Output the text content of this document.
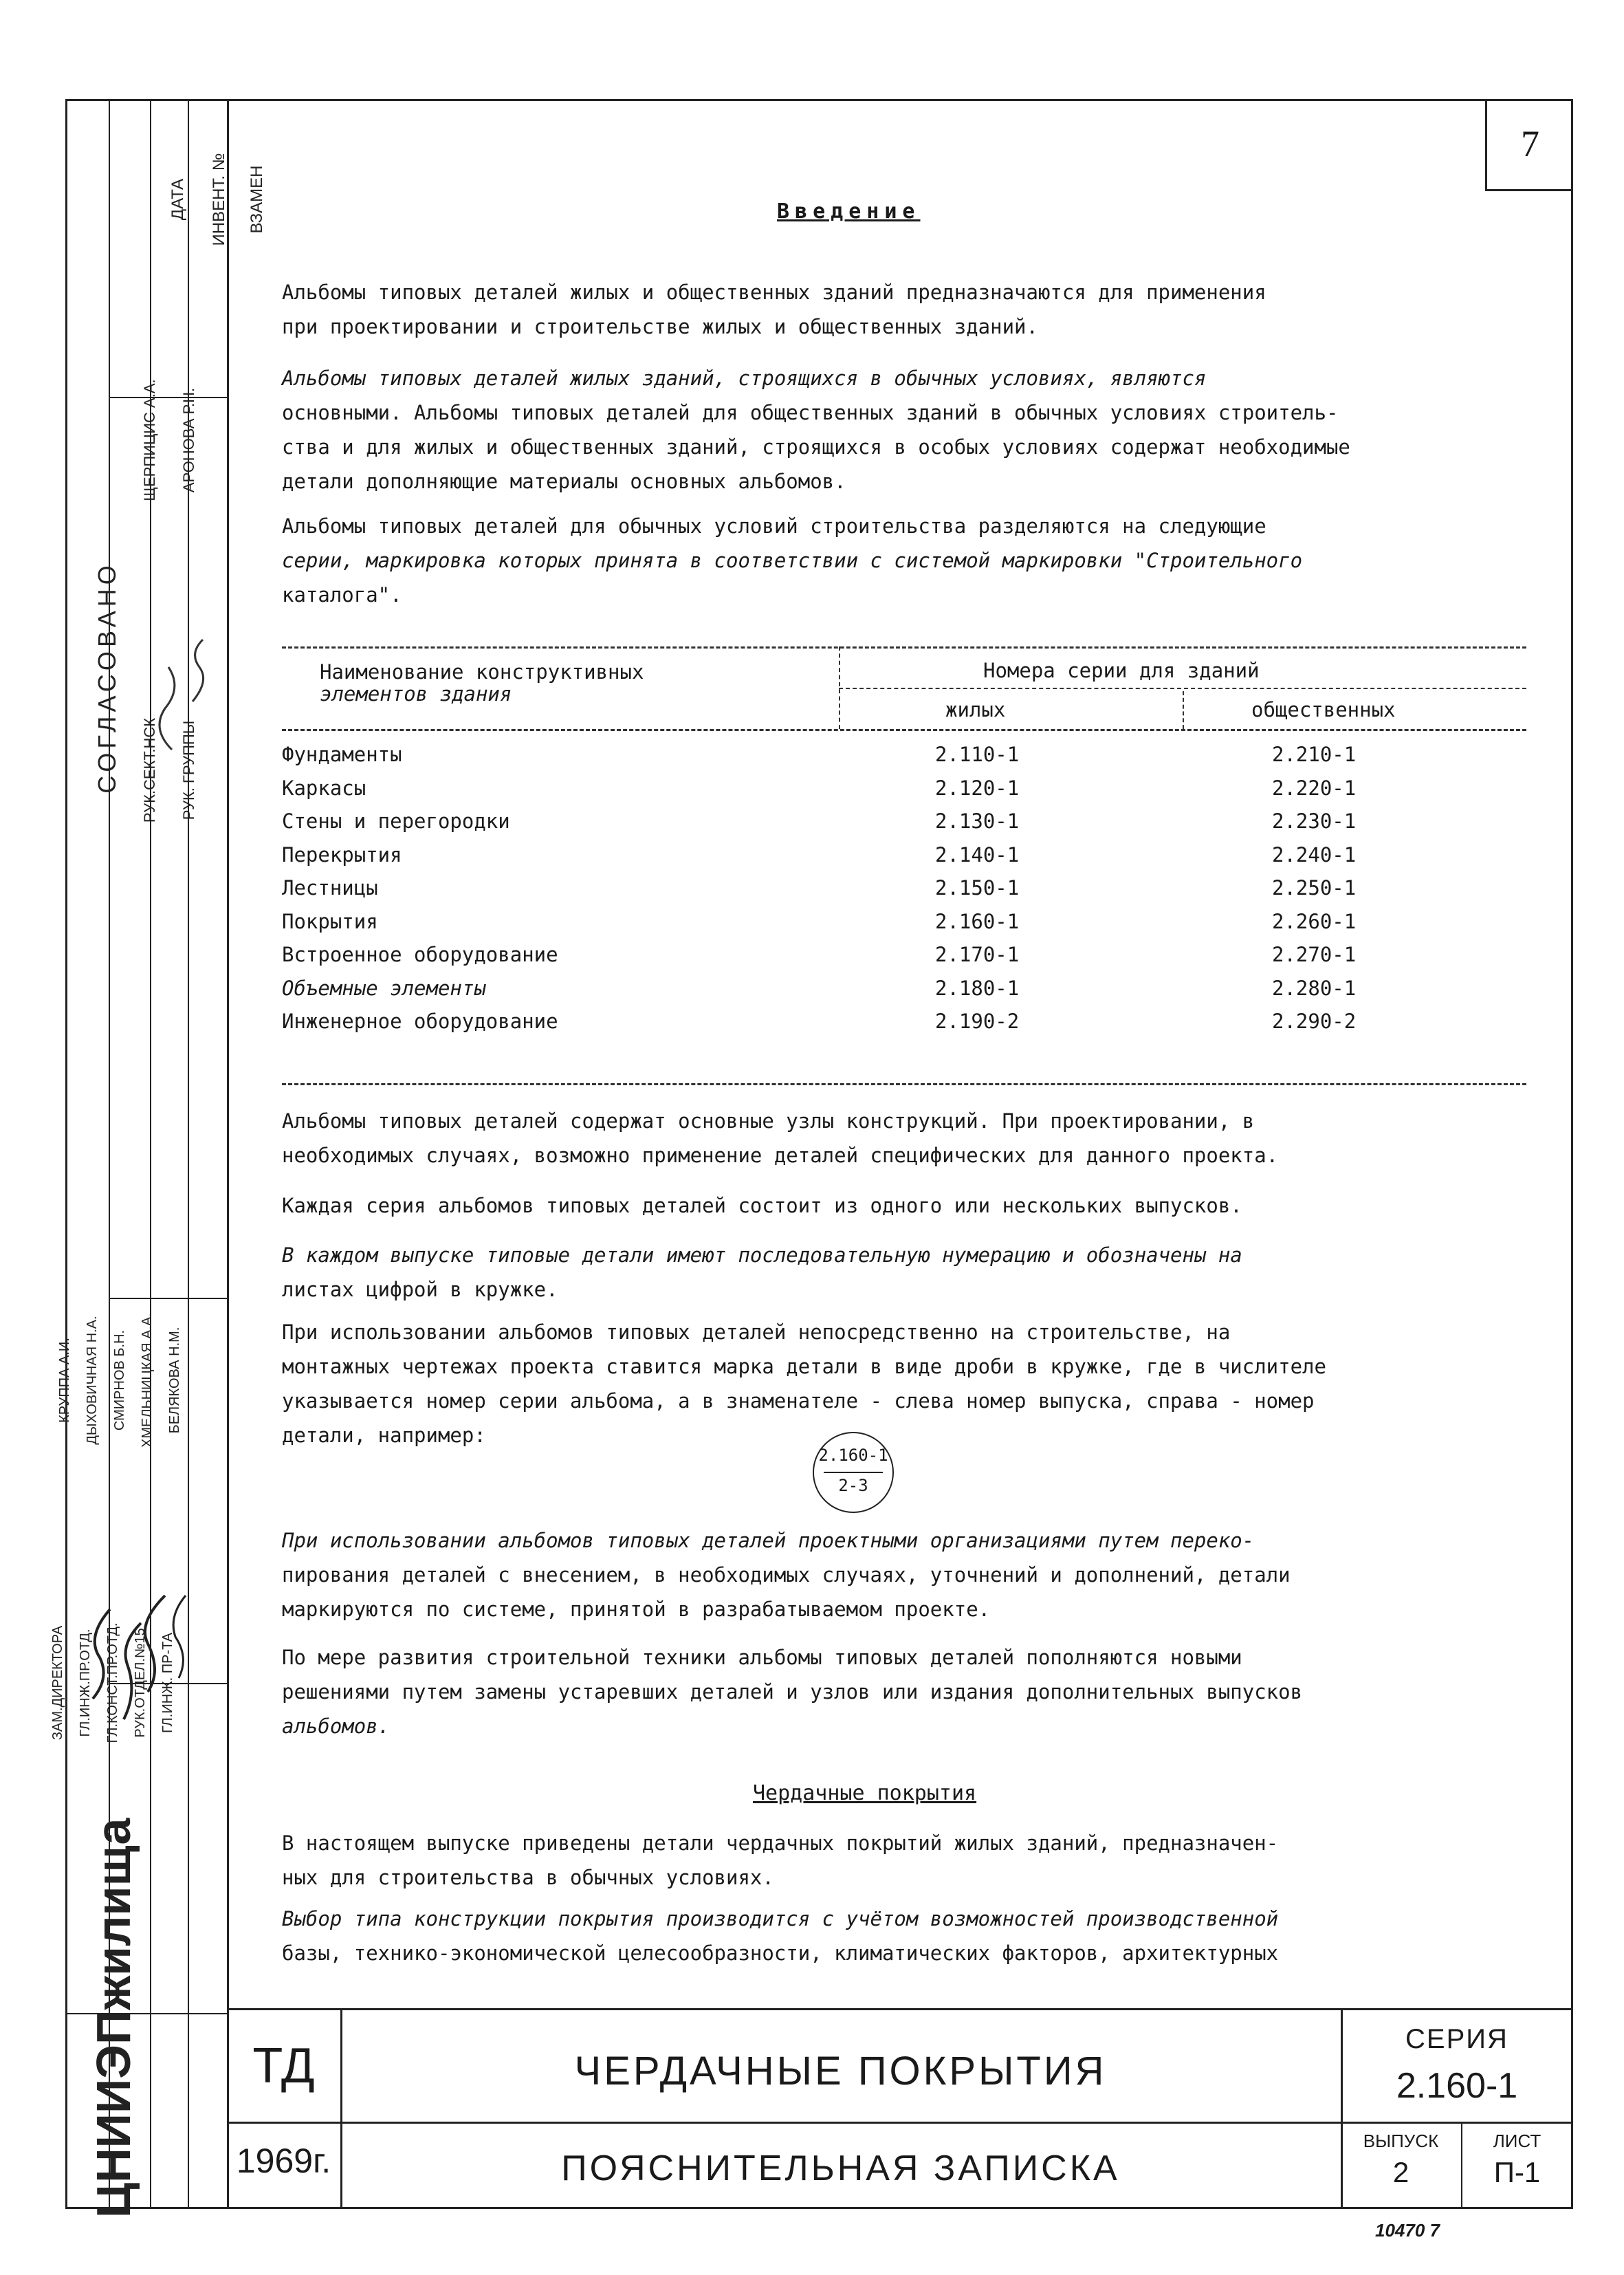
ДАТА	ИНВЕНТ. №	ВЗАМЕН
СОГЛАСОВАНО	РУК.СЕКТ.НСК	РУК. ГРУППЫ
ЩЕРПИЦИС А.А.	АРОНОВА Р.Н.
ЗАМ.ДИРЕКТОРА ГЛ.ИНЖ.ПР.ОТД. ГЛ.КОНСТ.ПР.ОТД. РУК.ОТДЕЛ.№15 ГЛ.ИНЖ. ПР-ТА
КРУППА А.И. ДЫХОВИЧНАЯ Н.А. СМИРНОВ Б.Н. ХМЕЛЬНИЦКАЯ А.А. БЕЛЯКОВА Н.М.
ЦНИИЭПжилища
7
Введение
Альбомы типовых деталей жилых и общественных зданий предназначаются для применения
при проектировании и строительстве жилых и общественных зданий.
Альбомы типовых деталей жилых зданий, строящихся в обычных условиях, являются
основными. Альбомы типовых деталей для общественных зданий в обычных условиях строитель-
ства и для жилых и общественных зданий, строящихся в особых условиях содержат необходимые
детали дополняющие материалы основных альбомов.
Альбомы типовых деталей для обычных условий строительства разделяются на следующие
серии, маркировка которых принята в соответствии с системой маркировки "Строительного
каталога".
Наименование конструктивных
элементов здания
Номера серии для зданий
жилых	общественных
Фундаменты	2.110-1	2.210-1
Каркасы	2.120-1	2.220-1
Стены и перегородки	2.130-1	2.230-1
Перекрытия	2.140-1	2.240-1
Лестницы	2.150-1	2.250-1
Покрытия	2.160-1	2.260-1
Встроенное оборудование	2.170-1	2.270-1
Объемные элементы	2.180-1	2.280-1
Инженерное оборудование	2.190-2	2.290-2
Альбомы типовых деталей содержат основные узлы конструкций. При проектировании, в
необходимых случаях, возможно применение деталей специфических для данного проекта.
Каждая серия альбомов типовых деталей состоит из одного или нескольких выпусков.
В каждом выпуске типовые детали имеют последовательную нумерацию и обозначены на
листах цифрой в кружке.
При использовании альбомов типовых деталей непосредственно на строительстве, на
монтажных чертежах проекта ставится марка детали в виде дроби в кружке, где в числителе
указывается номер серии альбома, а в знаменателе - слева номер выпуска, справа - номер
детали, например:
2.160-1
2-3
При использовании альбомов типовых деталей проектными организациями путем переко-
пирования деталей с внесением, в необходимых случаях, уточнений и дополнений, детали
маркируются по системе, принятой в разрабатываемом проекте.
По мере развития строительной техники альбомы типовых деталей пополняются новыми
решениями путем замены устаревших деталей и узлов или издания дополнительных выпусков
альбомов.
Чердачные покрытия
В настоящем выпуске приведены детали чердачных покрытий жилых зданий, предназначен-
ных для строительства в обычных условиях.
Выбор типа конструкции покрытия производится с учётом возможностей производственной
базы, технико-экономической целесообразности, климатических факторов, архитектурных
ТД
1969г.
ЧЕРДАЧНЫЕ ПОКРЫТИЯ
ПОЯСНИТЕЛЬНАЯ ЗАПИСКА
СЕРИЯ
2.160-1
ВЫПУСК
2
ЛИСТ
П-1
10470 7
